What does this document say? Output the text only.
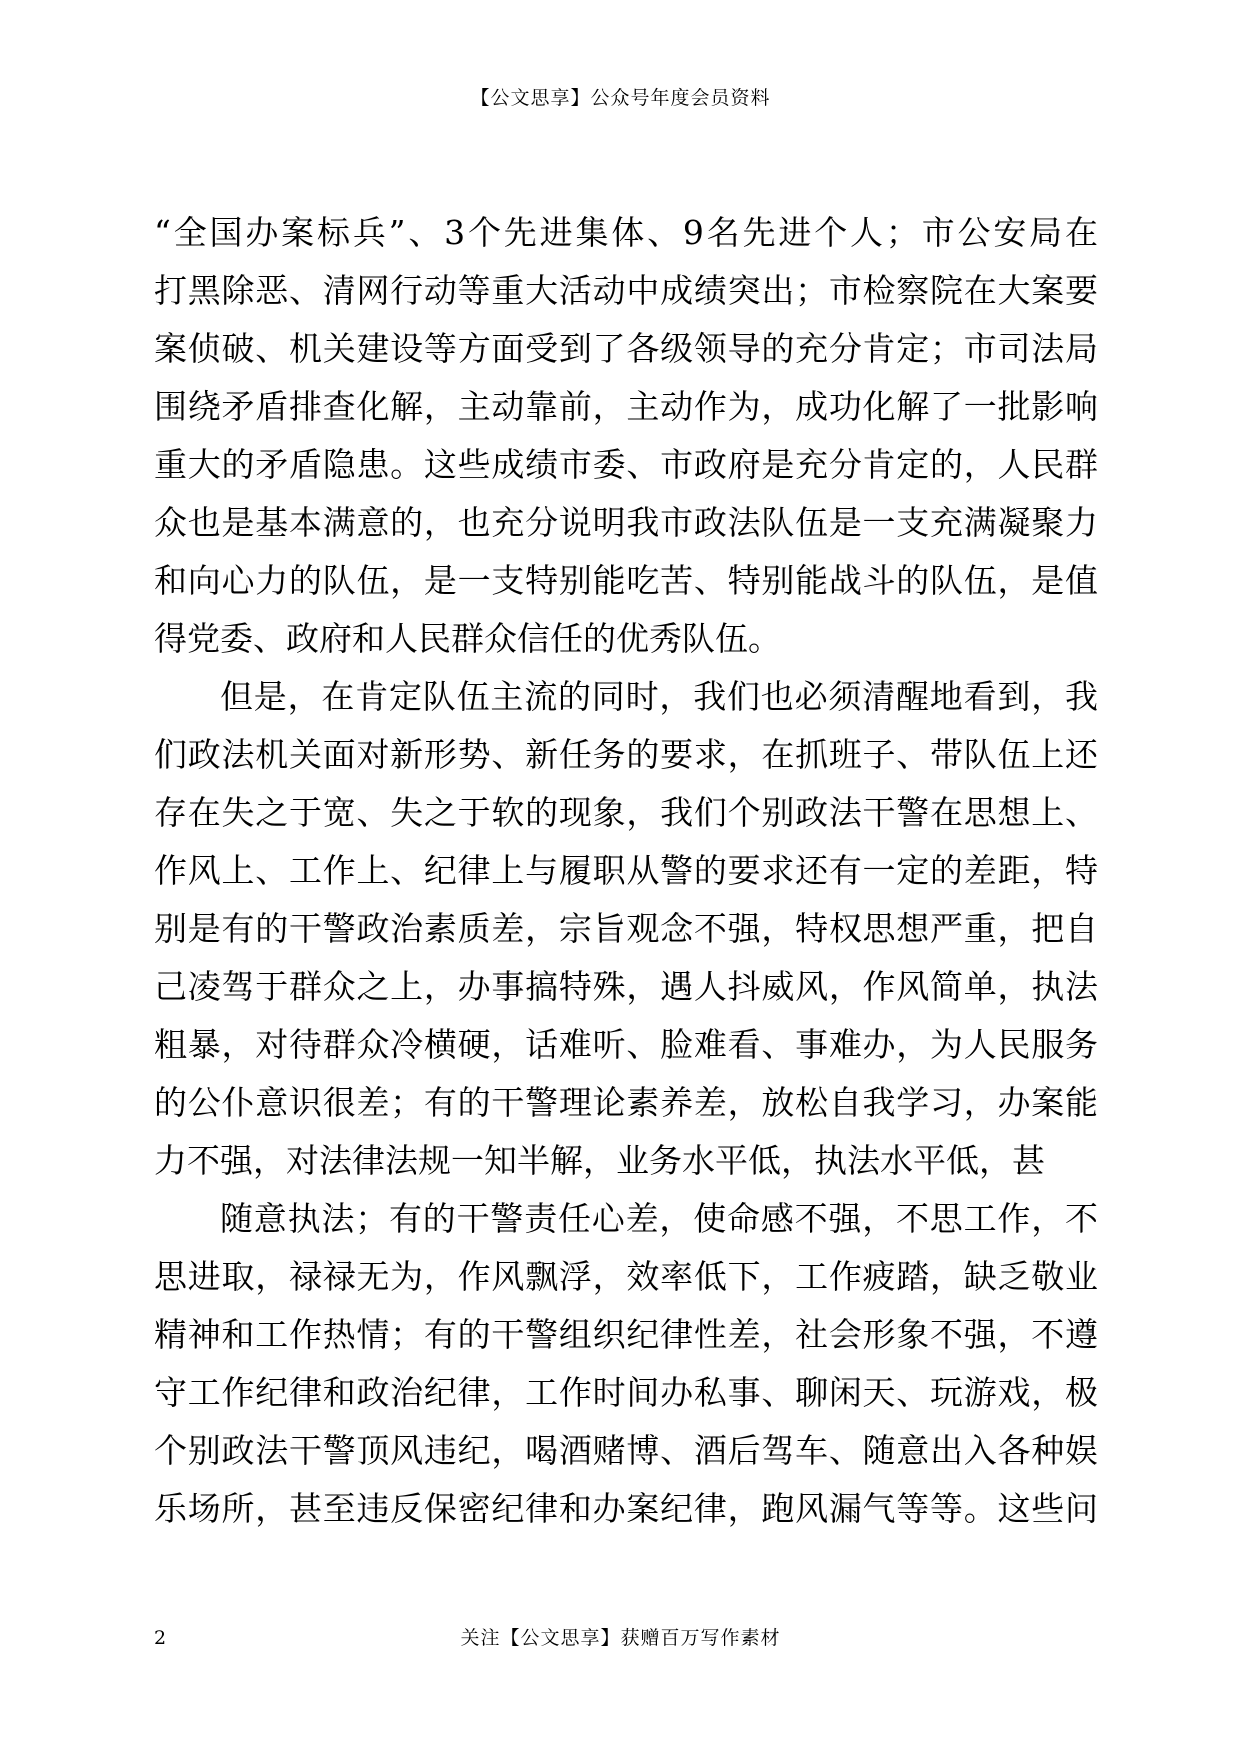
【公文思享】公众号年度会员资料
“全国办案标兵”、3个先进集体、9名先进个人；市公安局在
打黑除恶、清网行动等重大活动中成绩突出；市检察院在大案要
案侦破、机关建设等方面受到了各级领导的充分肯定；市司法局
围绕矛盾排查化解，主动靠前，主动作为，成功化解了一批影响
重大的矛盾隐患。这些成绩市委、市政府是充分肯定的，人民群
众也是基本满意的，也充分说明我市政法队伍是一支充满凝聚力
和向心力的队伍，是一支特别能吃苦、特别能战斗的队伍，是值
得党委、政府和人民群众信任的优秀队伍。
但是，在肯定队伍主流的同时，我们也必须清醒地看到，我
们政法机关面对新形势、新任务的要求，在抓班子、带队伍上还
存在失之于宽、失之于软的现象，我们个别政法干警在思想上、
作风上、工作上、纪律上与履职从警的要求还有一定的差距，特
别是有的干警政治素质差，宗旨观念不强，特权思想严重，把自
己凌驾于群众之上，办事搞特殊，遇人抖威风，作风简单，执法
粗暴，对待群众冷横硬，话难听、脸难看、事难办，为人民服务
的公仆意识很差；有的干警理论素养差，放松自我学习，办案能
力不强，对法律法规一知半解，业务水平低，执法水平低，甚
随意执法；有的干警责任心差，使命感不强，不思工作，不
思进取，禄禄无为，作风飘浮，效率低下，工作疲踏，缺乏敬业
精神和工作热情；有的干警组织纪律性差，社会形象不强，不遵
守工作纪律和政治纪律，工作时间办私事、聊闲天、玩游戏，极
个别政法干警顶风违纪，喝酒赌博、酒后驾车、随意出入各种娱
乐场所，甚至违反保密纪律和办案纪律，跑风漏气等等。这些问
2	关注【公文思享】获赠百万写作素材
